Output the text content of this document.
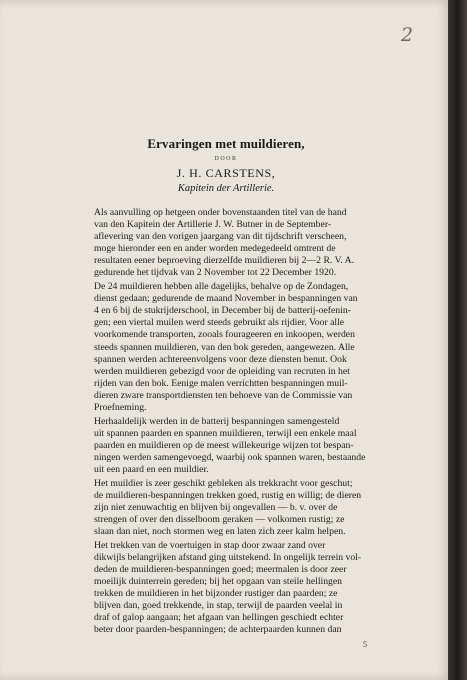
2
Ervaringen met muildieren,
DOOR
J. H. CARSTENS,
Kapitein der Artillerie.

Als aanvulling op hetgeen onder bovenstaanden titel van de hand
van den Kapitein der Artillerie J. W. Butner in de September-
aflevering van den vorigen jaargang van dit tijdschrift verscheen,
moge hieronder een en ander worden medegedeeld omtrent de
resultaten eener beproeving dierzelfde muildieren bij 2—2 R. V. A.
gedurende het tijdvak van 2 November tot 22 December 1920.

De 24 muildieren hebben alle dagelijks, behalve op de Zondagen,
dienst gedaan; gedurende de maand November in bespanningen van
4 en 6 bij de stukrijderschool, in December bij de batterij-oefenin-
gen; een viertal muilen werd steeds gebruikt als rijdier. Voor alle
voorkomende transporten, zooals fourageeren en inkoopen, werden
steeds spannen muildieren, van den bok gereden, aangewezen. Alle
spannen werden achtereenvolgens voor deze diensten benut. Ook
werden muildieren gebezigd voor de opleiding van recruten in het
rijden van den bok. Eenige malen verrichtten bespanningen muil-
dieren zware transportdiensten ten behoeve van de Commissie van
Proefneming.

Herhaaldelijk werden in de batterij bespanningen samengesteld
uit spannen paarden en spannen muildieren, terwijl een enkele maal
paarden en muildieren op de meest willekeurige wijzen tot bespan-
ningen werden samengevoegd, waarbij ook spannen waren, bestaande
uit een paard en een muildier.

Het muildier is zeer geschikt gebleken als trekkracht voor geschut;
de muildieren-bespanningen trekken goed, rustig en willig; de dieren
zijn niet zenuwachtig en blijven bij ongevallen — b. v. over de
strengen of over den disselboom geraken — volkomen rustig; ze
slaan dan niet, noch stormen weg en laten zich zeer kalm helpen.

Het trekken van de voertuigen in stap door zwaar zand over
dikwijls belangrijken afstand ging uitstekend. In ongelijk terrein vol-
deden de muildieren-bespanningen goed; meermalen is door zeer
moeilijk duinterrein gereden; bij het opgaan van steile hellingen
trekken de muildieren in het bijzonder rustiger dan paarden; ze
blijven dan, goed trekkende, in stap, terwijl de paarden veelal in
draf of galop aangaan; het afgaan van hellingen geschiedt echter
beter door paarden-bespanningen; de achterpaarden kunnen dan

5
